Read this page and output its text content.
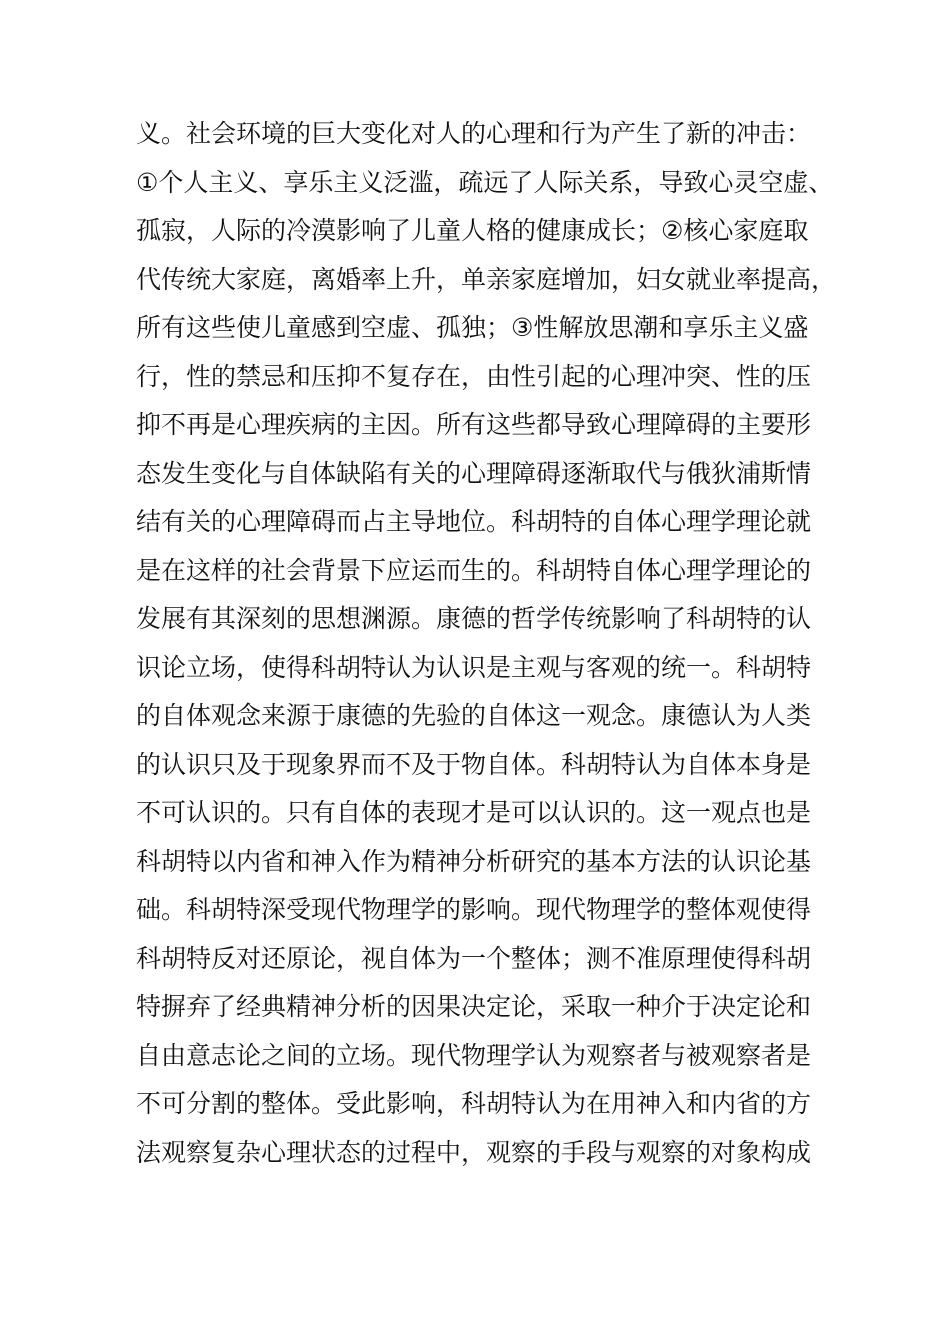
义。社会环境的巨大变化对人的心理和行为产生了新的冲击：
①个人主义、享乐主义泛滥，疏远了人际关系，导致心灵空虚、
孤寂，人际的冷漠影响了儿童人格的健康成长；②核心家庭取
代传统大家庭，离婚率上升，单亲家庭增加，妇女就业率提高，
所有这些使儿童感到空虚、孤独；③性解放思潮和享乐主义盛
行，性的禁忌和压抑不复存在，由性引起的心理冲突、性的压
抑不再是心理疾病的主因。所有这些都导致心理障碍的主要形
态发生变化与自体缺陷有关的心理障碍逐渐取代与俄狄浦斯情
结有关的心理障碍而占主导地位。科胡特的自体心理学理论就
是在这样的社会背景下应运而生的。科胡特自体心理学理论的
发展有其深刻的思想渊源。康德的哲学传统影响了科胡特的认
识论立场，使得科胡特认为认识是主观与客观的统一。科胡特
的自体观念来源于康德的先验的自体这一观念。康德认为人类
的认识只及于现象界而不及于物自体。科胡特认为自体本身是
不可认识的。只有自体的表现才是可以认识的。这一观点也是
科胡特以内省和神入作为精神分析研究的基本方法的认识论基
础。科胡特深受现代物理学的影响。现代物理学的整体观使得
科胡特反对还原论，视自体为一个整体；测不准原理使得科胡
特摒弃了经典精神分析的因果决定论，采取一种介于决定论和
自由意志论之间的立场。现代物理学认为观察者与被观察者是
不可分割的整体。受此影响，科胡特认为在用神入和内省的方
法观察复杂心理状态的过程中，观察的手段与观察的对象构成
